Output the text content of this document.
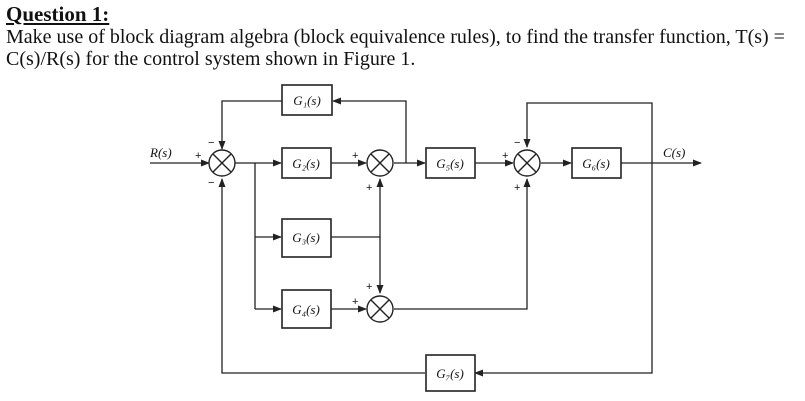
Question 1:

Make use of block diagram algebra (block equivalence rules), to find the transfer function, T(s) = C(s)/R(s) for the control system shown in Figure 1.

G₁(s)
G₂(s)
G₃(s)
G₄(s)
G₅(s)	G₆(s)
G₇(s)
R(s)	C(s)
−
+
−
+
+
−
+
+
+
+
